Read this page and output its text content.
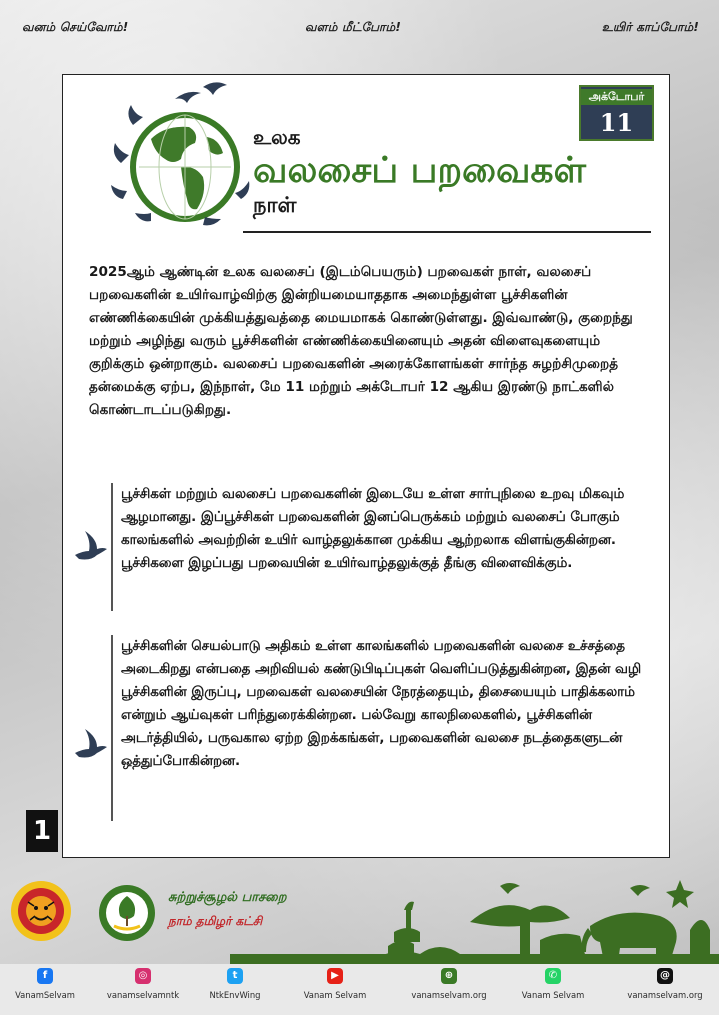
வனம் செய்வோம்!	வளம் மீட்போம்!	உயிர் காப்போம்!
அக்டோபர்
11
உலக
வலசைப் பறவைகள்
நாள்

2025ஆம் ஆண்டின் உலக வலசைப் (இடம்பெயரும்) பறவைகள் நாள், வலசைப் பறவைகளின் உயிர்வாழ்விற்கு இன்றியமையாததாக அமைந்துள்ள பூச்சிகளின் எண்ணிக்கையின் முக்கியத்துவத்தை மையமாகக் கொண்டுள்ளது. இவ்வாண்டு, குறைந்து மற்றும் அழிந்து வரும் பூச்சிகளின் எண்ணிக்கையினையும் அதன் விளைவுகளையும் குறிக்கும் ஒன்றாகும். வலசைப் பறவைகளின் அரைக்கோளங்கள் சார்ந்த சுழற்சிமுறைத் தன்மைக்கு ஏற்ப, இந்நாள், மே 11 மற்றும் அக்டோபர் 12 ஆகிய இரண்டு நாட்களில் கொண்டாடப்படுகிறது.

பூச்சிகள் மற்றும் வலசைப் பறவைகளின் இடையே உள்ள சார்புநிலை உறவு மிகவும் ஆழமானது. இப்பூச்சிகள் பறவைகளின் இனப்பெருக்கம் மற்றும் வலசைப் போகும் காலங்களில் அவற்றின் உயிர் வாழ்தலுக்கான முக்கிய ஆற்றலாக விளங்குகின்றன. பூச்சிகளை இழப்பது பறவையின் உயிர்வாழ்தலுக்குத் தீங்கு விளைவிக்கும்.

பூச்சிகளின் செயல்பாடு அதிகம் உள்ள காலங்களில் பறவைகளின் வலசை உச்சத்தை அடைகிறது என்பதை அறிவியல் கண்டுபிடிப்புகள் வெளிப்படுத்துகின்றன, இதன் வழி பூச்சிகளின் இருப்பு, பறவைகள் வலசையின் நேரத்தையும், திசையையும் பாதிக்கலாம் என்றும் ஆய்வுகள் பரிந்துரைக்கின்றன. பல்வேறு காலநிலைகளில், பூச்சிகளின் அடர்த்தியில், பருவகால ஏற்ற இறக்கங்கள், பறவைகளின் வலசை நடத்தைகளுடன் ஒத்துப்போகின்றன.

1
சுற்றுச்சூழல் பாசறை
நாம் தமிழர் கட்சி
f
VanamSelvam
◎
vanamselvamntk
t
NtkEnvWing
▶
Vanam Selvam
⊕
vanamselvam.org
✆
Vanam Selvam
@
vanamselvam.org
